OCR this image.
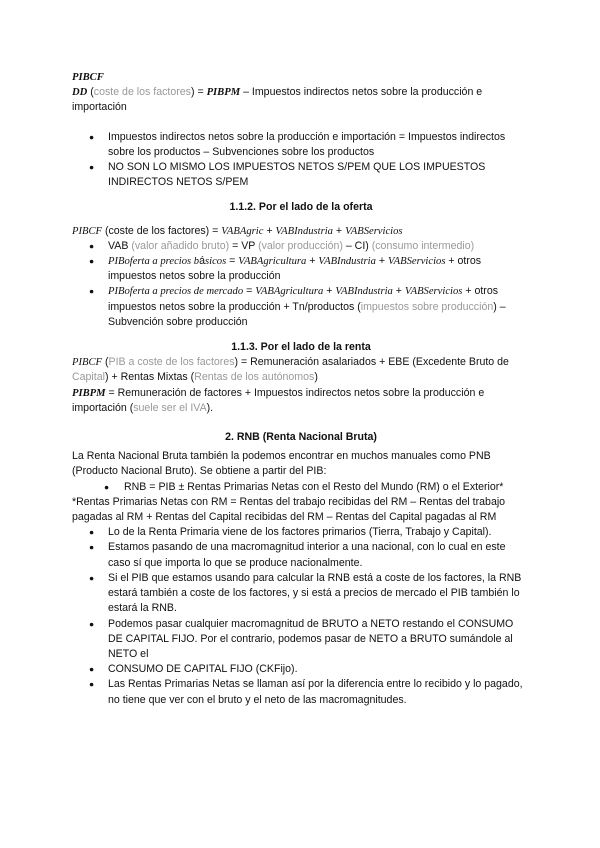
PIBCF

DD (coste de los factores) = PIBPM – Impuestos indirectos netos sobre la producción e importación

● Impuestos indirectos netos sobre la producción e importación = Impuestos indirectos sobre los productos – Subvenciones sobre los productos
● NO SON LO MISMO LOS IMPUESTOS NETOS S/PEM QUE LOS IMPUESTOS INDIRECTOS NETOS S/PEM

1.1.2. Por el lado de la oferta

PIBCF (coste de los factores) = VABAgric + VABIndustria + VABServicios

● VAB (valor añadido bruto) = VP (valor producción) – CI) (consumo intermedio)
● PIBoferta a precios básicos = VABAgricultura + VABIndustria + VABServicios + otros impuestos netos sobre la producción
● PIBoferta a precios de mercado = VABAgricultura + VABIndustria + VABServicios + otros impuestos netos sobre la producción + Tn/productos (impuestos sobre producción) – Subvención sobre producción

1.1.3. Por el lado de la renta

PIBCF (PIB a coste de los factores) = Remuneración asalariados + EBE (Excedente Bruto de Capital) + Rentas Mixtas (Rentas de los autónomos)

PIBPM = Remuneración de factores + Impuestos indirectos netos sobre la producción e importación (suele ser el IVA).

2. RNB (Renta Nacional Bruta)

La Renta Nacional Bruta también la podemos encontrar en muchos manuales como PNB (Producto Nacional Bruto). Se obtiene a partir del PIB:

● RNB = PIB ± Rentas Primarias Netas con el Resto del Mundo (RM) o el Exterior*

*Rentas Primarias Netas con RM = Rentas del trabajo recibidas del RM – Rentas del trabajo pagadas al RM + Rentas del Capital recibidas del RM – Rentas del Capital pagadas al RM

● Lo de la Renta Primaria viene de los factores primarios (Tierra, Trabajo y Capital).
● Estamos pasando de una macromagnitud interior a una nacional, con lo cual en este caso sí que importa lo que se produce nacionalmente.
● Si el PIB que estamos usando para calcular la RNB está a coste de los factores, la RNB estará también a coste de los factores, y si está a precios de mercado el PIB también lo estará la RNB.
● Podemos pasar cualquier macromagnitud de BRUTO a NETO restando el CONSUMO DE CAPITAL FIJO. Por el contrario, podemos pasar de NETO a BRUTO sumándole al NETO el
● CONSUMO DE CAPITAL FIJO (CKFijo).
● Las Rentas Primarias Netas se llaman así por la diferencia entre lo recibido y lo pagado, no tiene que ver con el bruto y el neto de las macromagnitudes.
